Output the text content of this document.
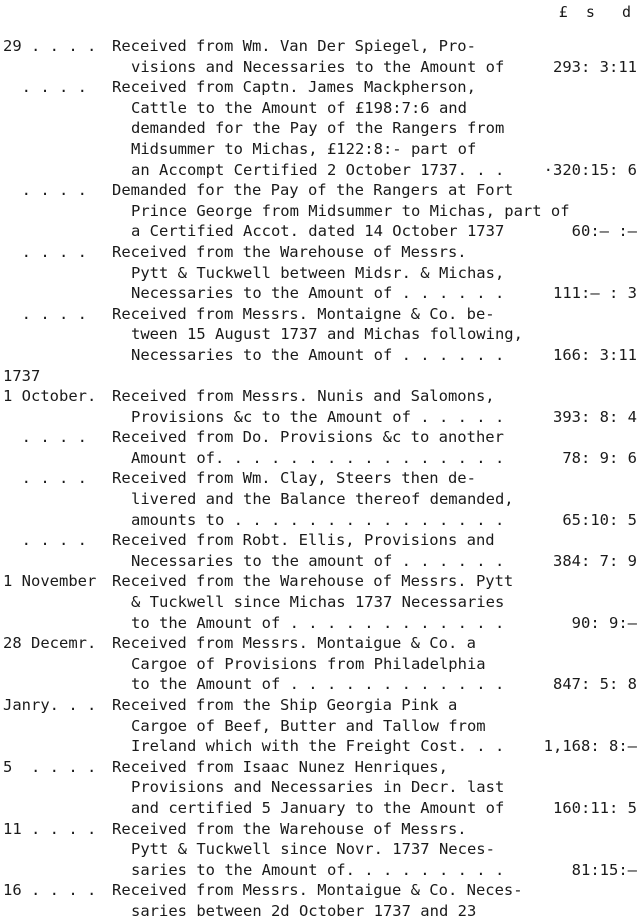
£  s   d
29 . . . . Received from Wm. Van Der Spiegel, Pro-
visions and Necessaries to the Amount of	293: 3:11
. . . . Received from Captn. James Mackpherson,
Cattle to the Amount of £198:7:6 and
demanded for the Pay of the Rangers from
Midsummer to Michas, £122:8:- part of
an Accompt Certified 2 October 1737. . .	·320:15: 6
. . . . Demanded for the Pay of the Rangers at Fort
Prince George from Midsummer to Michas, part of
a Certified Accot. dated 14 October 1737	60:– :–
. . . . Received from the Warehouse of Messrs.
Pytt & Tuckwell between Midsr. & Michas,
Necessaries to the Amount of . . . . . .	111:– : 3
. . . . Received from Messrs. Montaigne & Co. be-
tween 15 August 1737 and Michas following,
Necessaries to the Amount of . . . . . .	166: 3:11
1737
1 October. Received from Messrs. Nunis and Salomons,
Provisions &c to the Amount of . . . . .	393: 8: 4
. . . . Received from Do. Provisions &c to another
Amount of. . . . . . . . . . . . . . . .	78: 9: 6
. . . . Received from Wm. Clay, Steers then de-
livered and the Balance thereof demanded,
amounts to . . . . . . . . . . . . . . .	65:10: 5
. . . . Received from Robt. Ellis, Provisions and
Necessaries to the amount of . . . . . .	384: 7: 9
1 November Received from the Warehouse of Messrs. Pytt
& Tuckwell since Michas 1737 Necessaries
to the Amount of . . . . . . . . . . . .	90: 9:–
28 Decemr. Received from Messrs. Montaigue & Co. a
Cargoe of Provisions from Philadelphia
to the Amount of . . . . . . . . . . . .	847: 5: 8
Janry. . . Received from the Ship Georgia Pink a
Cargoe of Beef, Butter and Tallow from
Ireland which with the Freight Cost. . .	1,168: 8:–
5  . . . . Received from Isaac Nunez Henriques,
Provisions and Necessaries in Decr. last
and certified 5 January to the Amount of	160:11: 5
11 . . . . Received from the Warehouse of Messrs.
Pytt & Tuckwell since Novr. 1737 Neces-
saries to the Amount of. . . . . . . . .	81:15:–
16 . . . . Received from Messrs. Montaigue & Co. Neces-
saries between 2d October 1737 and 23
